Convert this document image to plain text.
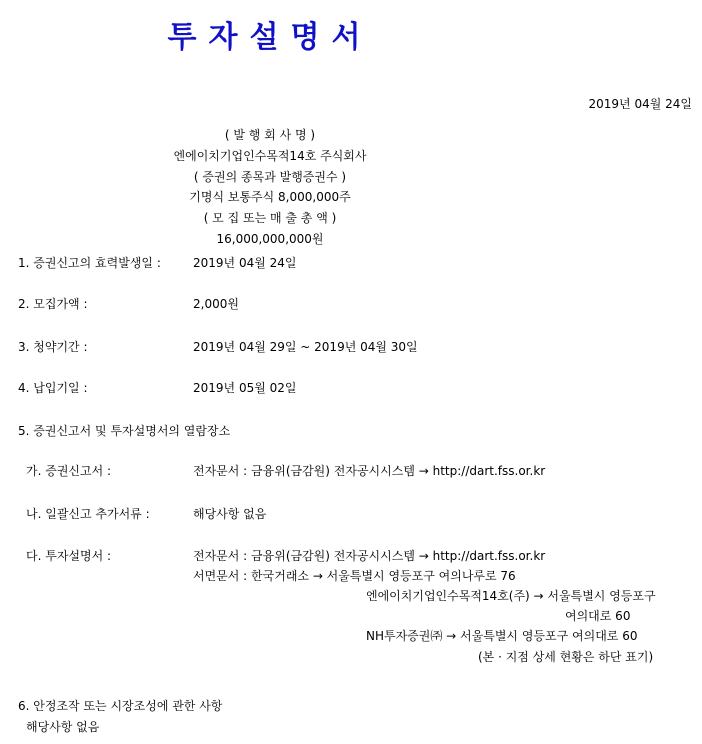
투자설명서
2019년 04월 24일
( 발 행 회 사 명 )
엔에이치기업인수목적14호 주식회사
( 증권의 종목과 발행증권수 )
기명식 보통주식 8,000,000주
( 모 집 또는 매 출 총 액 )
16,000,000,000원
1. 증권신고의 효력발생일 :	2019년 04월 24일
2. 모집가액 :	2,000원
3. 청약기간 :	2019년 04월 29일 ~ 2019년 04월 30일
4. 납입기일 :	2019년 05월 02일
5. 증권신고서 및 투자설명서의 열람장소
가. 증권신고서 :	전자문서 : 금융위(금감원) 전자공시시스템 → http://dart.fss.or.kr
나. 일괄신고 추가서류 :	해당사항 없음
다. 투자설명서 :	전자문서 : 금융위(금감원) 전자공시시스템 → http://dart.fss.or.kr
서면문서 : 한국거래소 → 서울특별시 영등포구 여의나루로 76
엔에이치기업인수목적14호(주) → 서울특별시 영등포구
여의대로 60
NH투자증권㈜ → 서울특별시 영등포구 여의대로 60
(본 · 지점 상세 현황은 하단 표기)
6. 안정조작 또는 시장조성에 관한 사항
해당사항 없음
